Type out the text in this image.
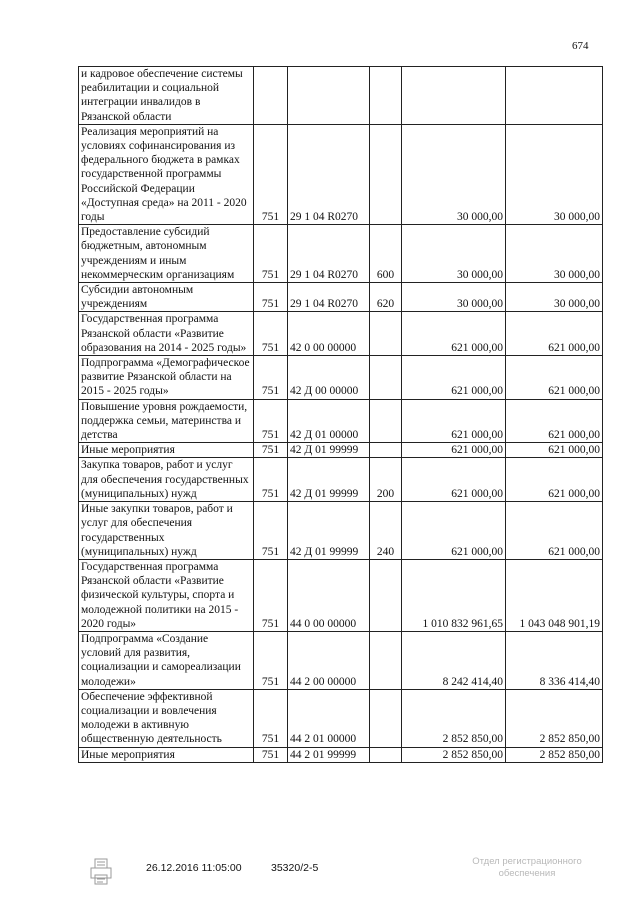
674
и кадровое обеспечение системы реабилитации и социальной интеграции инвалидов в Рязанской области					
Реализация мероприятий на условиях софинансирования из федерального бюджета в рамках государственной программы Российской Федерации «Доступная среда» на 2011 - 2020 годы	751	29 1 04 R0270		30 000,00	30 000,00
Предоставление субсидий бюджетным, автономным учреждениям и иным некоммерческим организациям	751	29 1 04 R0270	600	30 000,00	30 000,00
Субсидии автономным учреждениям	751	29 1 04 R0270	620	30 000,00	30 000,00
Государственная программа Рязанской области «Развитие образования на 2014 - 2025 годы»	751	42 0 00 00000		621 000,00	621 000,00
Подпрограмма «Демографическое развитие Рязанской области на 2015 - 2025 годы»	751	42 Д 00 00000		621 000,00	621 000,00
Повышение уровня рождаемости, поддержка семьи, материнства и детства	751	42 Д 01 00000		621 000,00	621 000,00
Иные мероприятия	751	42 Д 01 99999		621 000,00	621 000,00
Закупка товаров, работ и услуг для обеспечения государственных (муниципальных) нужд	751	42 Д 01 99999	200	621 000,00	621 000,00
Иные закупки товаров, работ и услуг для обеспечения государственных (муниципальных) нужд	751	42 Д 01 99999	240	621 000,00	621 000,00
Государственная программа Рязанской области «Развитие физической культуры, спорта и молодежной политики на 2015 - 2020 годы»	751	44 0 00 00000		1 010 832 961,65	1 043 048 901,19
Подпрограмма «Создание условий для развития, социализации и самореализации молодежи»	751	44 2 00 00000		8 242 414,40	8 336 414,40
Обеспечение эффективной социализации и вовлечения молодежи в активную общественную деятельность	751	44 2 01 00000		2 852 850,00	2 852 850,00
Иные мероприятия	751	44 2 01 99999		2 852 850,00	2 852 850,00
26.12.2016 11:05:00	35320/2-5
Отдел регистрационного
обеспечения
